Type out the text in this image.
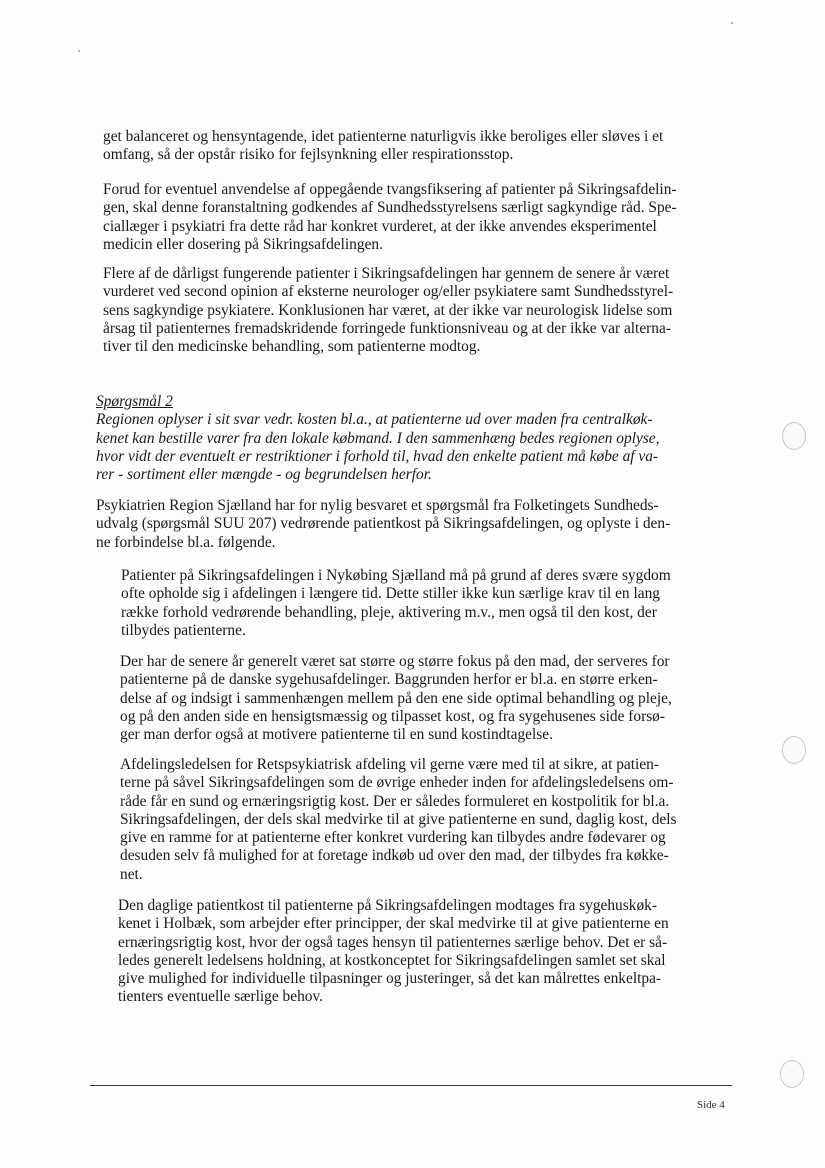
get balanceret og hensyntagende, idet patienterne naturligvis ikke beroliges eller sløves i et
omfang, så der opstår risiko for fejlsynkning eller respirationsstop.
Forud for eventuel anvendelse af oppegående tvangsfiksering af patienter på Sikringsafdelin-
gen, skal denne foranstaltning godkendes af Sundhedsstyrelsens særligt sagkyndige råd. Spe-
ciallæger i psykiatri fra dette råd har konkret vurderet, at der ikke anvendes eksperimentel
medicin eller dosering på Sikringsafdelingen.
Flere af de dårligst fungerende patienter i Sikringsafdelingen har gennem de senere år været
vurderet ved second opinion af eksterne neurologer og/eller psykiatere samt Sundhedsstyrel-
sens sagkyndige psykiatere. Konklusionen har været, at der ikke var neurologisk lidelse som
årsag til patienternes fremadskridende forringede funktionsniveau og at der ikke var alterna-
tiver til den medicinske behandling, som patienterne modtog.
Spørgsmål 2
Regionen oplyser i sit svar vedr. kosten bl.a., at patienterne ud over maden fra centralkøk-
kenet kan bestille varer fra den lokale købmand. I den sammenhæng bedes regionen oplyse,
hvor vidt der eventuelt er restriktioner i forhold til, hvad den enkelte patient må købe af va-
rer - sortiment eller mængde - og begrundelsen herfor.
Psykiatrien Region Sjælland har for nylig besvaret et spørgsmål fra Folketingets Sundheds-
udvalg (spørgsmål SUU 207) vedrørende patientkost på Sikringsafdelingen, og oplyste i den-
ne forbindelse bl.a. følgende.
Patienter på Sikringsafdelingen i Nykøbing Sjælland må på grund af deres svære sygdom
ofte opholde sig i afdelingen i længere tid. Dette stiller ikke kun særlige krav til en lang
række forhold vedrørende behandling, pleje, aktivering m.v., men også til den kost, der
tilbydes patienterne.
Der har de senere år generelt været sat større og større fokus på den mad, der serveres for
patienterne på de danske sygehusafdelinger. Baggrunden herfor er bl.a. en større erken-
delse af og indsigt i sammenhængen mellem på den ene side optimal behandling og pleje,
og på den anden side en hensigtsmæssig og tilpasset kost, og fra sygehusenes side forsø-
ger man derfor også at motivere patienterne til en sund kostindtagelse.
Afdelingsledelsen for Retspsykiatrisk afdeling vil gerne være med til at sikre, at patien-
terne på såvel Sikringsafdelingen som de øvrige enheder inden for afdelingsledelsens om-
råde får en sund og ernæringsrigtig kost. Der er således formuleret en kostpolitik for bl.a.
Sikringsafdelingen, der dels skal medvirke til at give patienterne en sund, daglig kost, dels
give en ramme for at patienterne efter konkret vurdering kan tilbydes andre fødevarer og
desuden selv få mulighed for at foretage indkøb ud over den mad, der tilbydes fra køkke-
net.
Den daglige patientkost til patienterne på Sikringsafdelingen modtages fra sygehuskøk-
kenet i Holbæk, som arbejder efter principper, der skal medvirke til at give patienterne en
ernæringsrigtig kost, hvor der også tages hensyn til patienternes særlige behov. Det er så-
ledes generelt ledelsens holdning, at kostkonceptet for Sikringsafdelingen samlet set skal
give mulighed for individuelle tilpasninger og justeringer, så det kan målrettes enkeltpa-
tienters eventuelle særlige behov.
Side 4
